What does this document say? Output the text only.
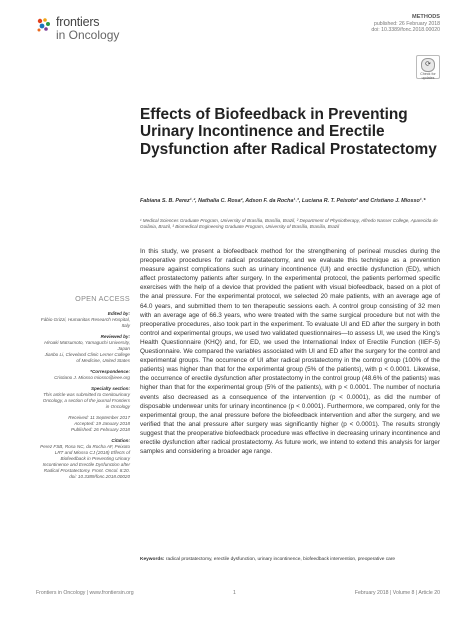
frontiers
in Oncology
METHODS
published: 26 February 2018
doi: 10.3389/fonc.2018.00020
⟳
Check for updates
Effects of Biofeedback in Preventing Urinary Incontinence and Erectile Dysfunction after Radical Prostatectomy
Fabiana S. B. Perez¹˒², Nathalia C. Rosa², Adson F. da Rocha¹˒³, Luciana R. T. Peixoto³ and Cristiano J. Miosso¹˒*

¹ Medical Sciences Graduate Program, University of Brasília, Brasília, Brazil, ² Department of Physiotherapy, Alfredo Nasser College, Aparecida de Goiânia, Brazil, ³ Biomedical Engineering Graduate Program, University of Brasília, Brasília, Brazil

In this study, we present a biofeedback method for the strengthening of perineal muscles during the preoperative procedures for radical prostatectomy, and we evaluate this technique as a prevention measure against complications such as urinary incontinence (UI) and erectile dysfunction (ED), which affect prostatectomy patients after surgery. In the experimental protocol, the patients performed specific exercises with the help of a device that provided the patient with visual biofeedback, based on a plot of the anal pressure. For the experimental protocol, we selected 20 male patients, with an average age of 64.0 years, and submitted them to ten therapeutic sessions each. A control group consisting of 32 men with an average age of 66.3 years, who were treated with the same surgical procedure but not with the preoperative procedures, also took part in the experiment. To evaluate UI and ED after the surgery in both control and experimental groups, we used two validated questionnaires—to assess UI, we used the King's Health Questionnaire (KHQ) and, for ED, we used the International Index of Erectile Function (IIEF-5) Questionnaire. We compared the variables associated with UI and ED after the surgery for the control and experimental groups. The occurrence of UI after radical prostatectomy in the control group (100% of the patients) was higher than that for the experimental group (5% of the patients), with p < 0.0001. Likewise, the occurrence of erectile dysfunction after prostatectomy in the control group (48.6% of the patients) was higher than that for the experimental group (5% of the patients), with p < 0.0001. The number of nocturia events also decreased as a consequence of the intervention (p < 0.0001), as did the number of disposable underwear units for urinary incontinence (p < 0.0001). Furthermore, we compared, only for the experimental group, the anal pressure before the biofeedback intervention and after the surgery, and we verified that the anal pressure after surgery was significantly higher (p < 0.0001). The results strongly suggest that the preoperative biofeedback procedure was effective in decreasing urinary incontinence and erectile dysfunction after radical prostatectomy. As future work, we intend to extend this analysis for larger samples and considering a broader age range.
Keywords: radical prostatectomy, erectile dysfunction, urinary incontinence, biofeedback intervention, preoperative care
OPEN ACCESS
Edited by:
Fábio Grizzi, Humanitas Research Hospital, Italy
Reviewed by:
Hiroaki Matsumoto, Yamaguchi University, Japan
Jianbo Li, Cleveland Clinic Lerner College of Medicine, United States
*Correspondence:
Cristiano J. Miosso miosso@ieee.org
Specialty section:
This article was submitted to Genitourinary Oncology, a section of the journal Frontiers in Oncology
Received: 11 September 2017
Accepted: 19 January 2018
Published: 26 February 2018
Citation:
Perez FSB, Rosa NC, da Rocha AF, Peixoto LRT and Miosso CJ (2018) Effects of Biofeedback in Preventing Urinary Incontinence and Erectile Dysfunction after Radical Prostatectomy. Front. Oncol. 8:20. doi: 10.3389/fonc.2018.00020
Frontiers in Oncology | www.frontiersin.org	1	February 2018 | Volume 8 | Article 20
